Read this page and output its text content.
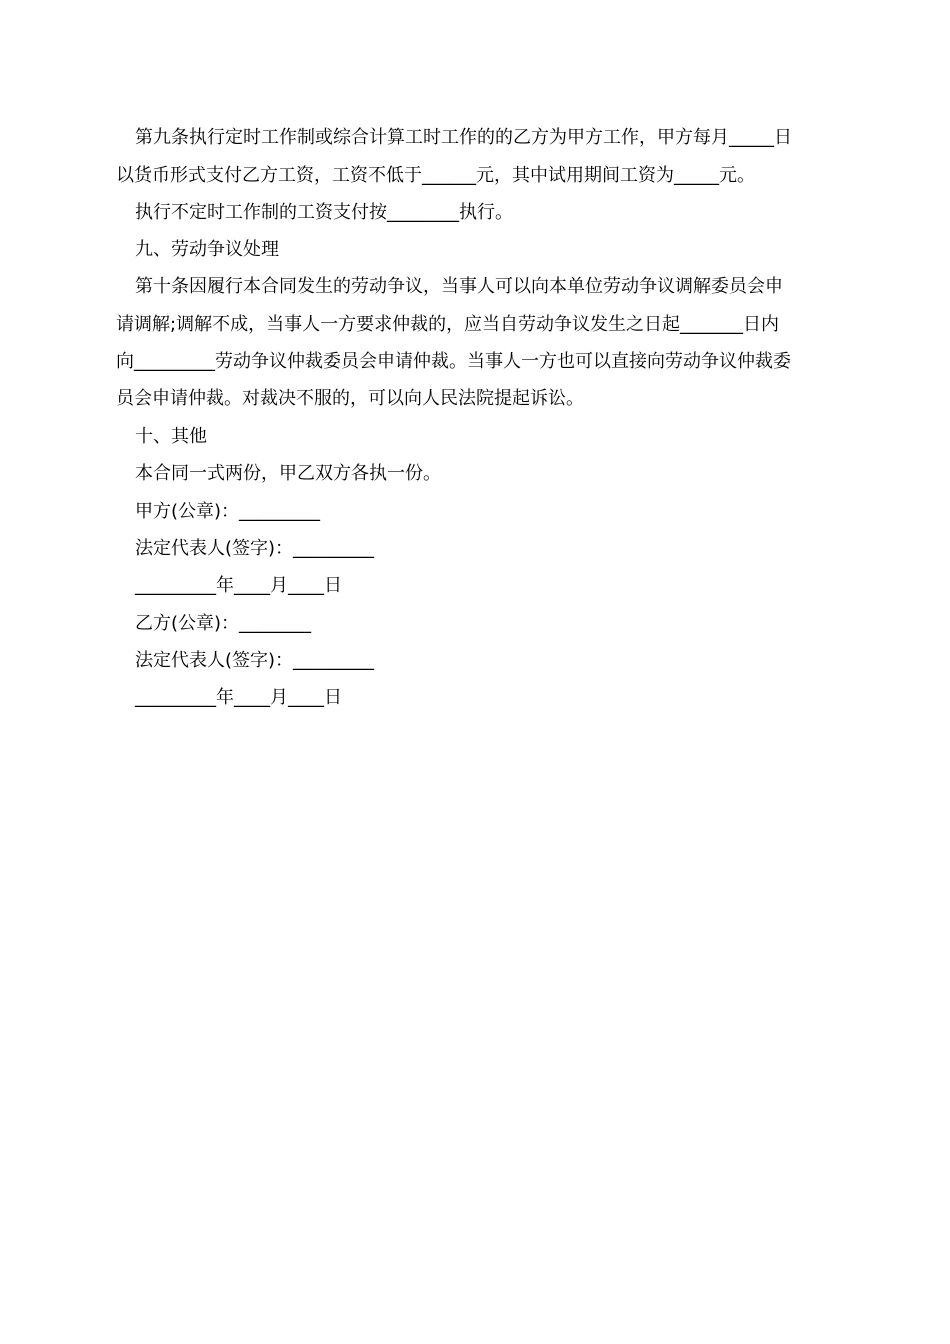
第九条执行定时工作制或综合计算工时工作的的乙方为甲方工作，甲方每月_____日
以货币形式支付乙方工资，工资不低于______元，其中试用期间工资为_____元。
执行不定时工作制的工资支付按________执行。
九、劳动争议处理
第十条因履行本合同发生的劳动争议，当事人可以向本单位劳动争议调解委员会申
请调解;调解不成，当事人一方要求仲裁的，应当自劳动争议发生之日起_______日内
向_________劳动争议仲裁委员会申请仲裁。当事人一方也可以直接向劳动争议仲裁委
员会申请仲裁。对裁决不服的，可以向人民法院提起诉讼。
十、其他
本合同一式两份，甲乙双方各执一份。
甲方(公章)：_________
法定代表人(签字)：_________
_________年____月____日
乙方(公章)：________
法定代表人(签字)：_________
_________年____月____日
